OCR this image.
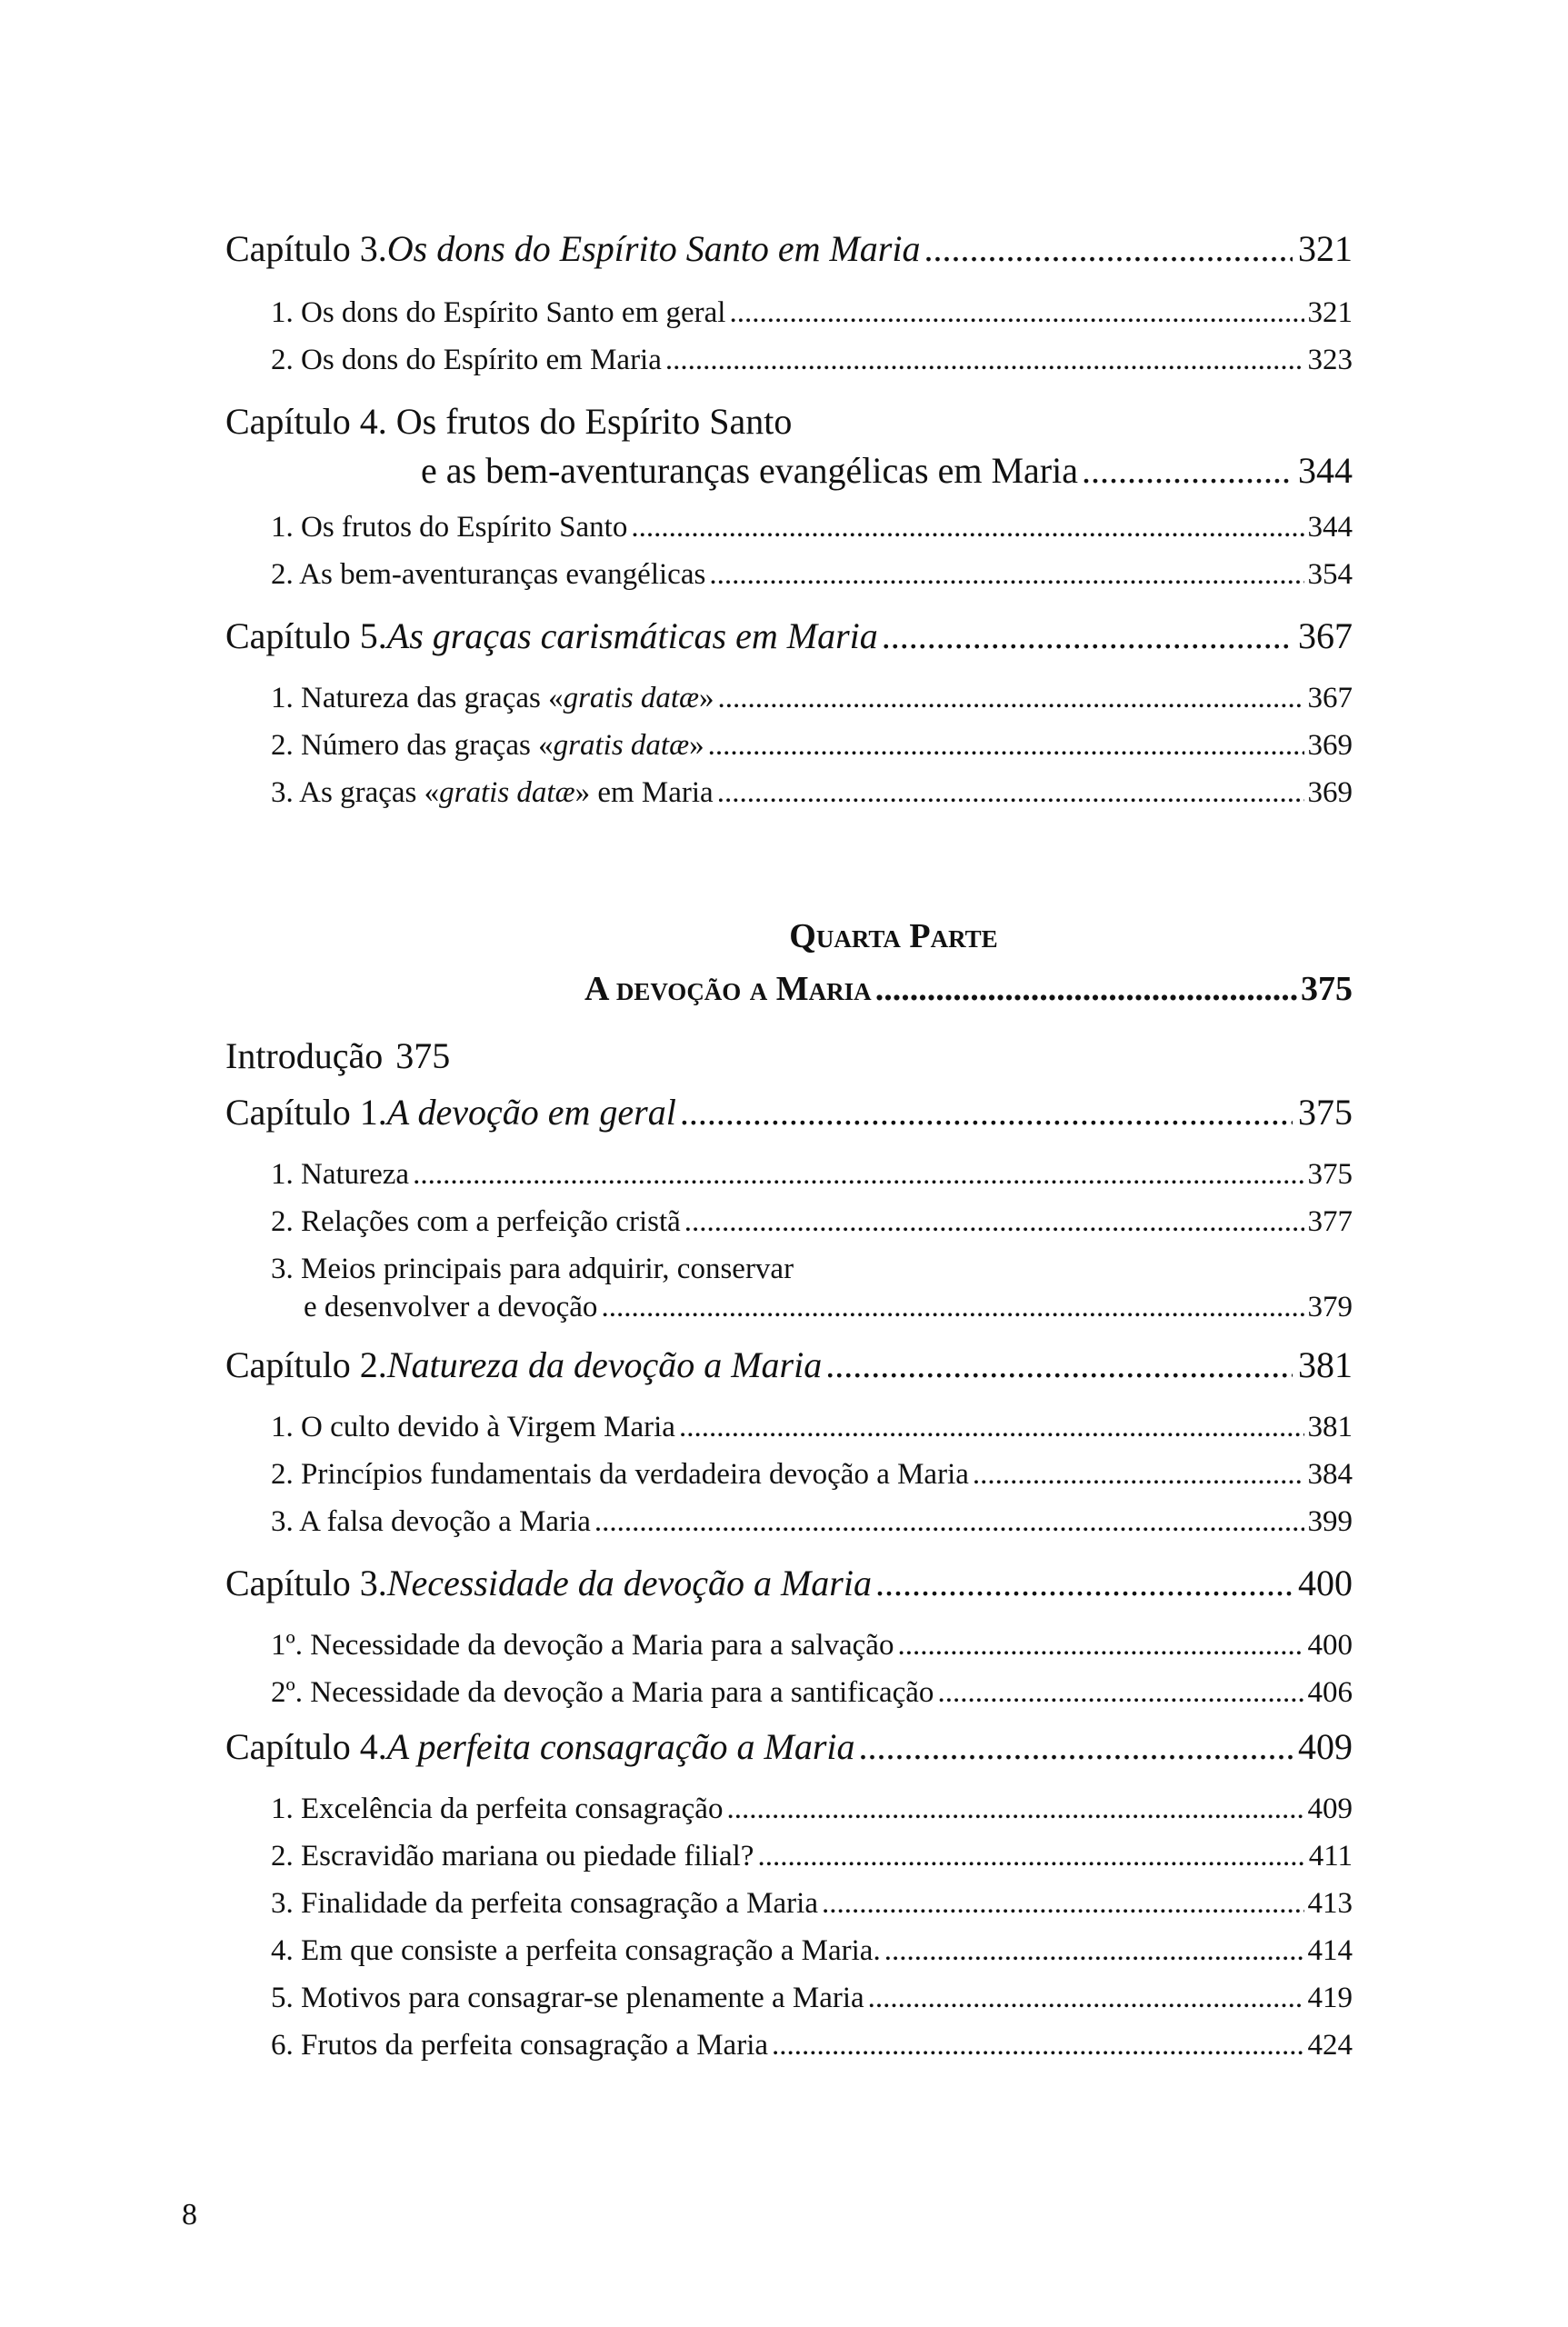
Capítulo 3. Os dons do Espírito Santo em Maria .....	321
1. Os dons do Espírito Santo em geral .....	321
2. Os dons do Espírito em Maria .....	323
Capítulo 4. Os frutos do Espírito Santo
e as bem-aventuranças evangélicas em Maria .....	344
1. Os frutos do Espírito Santo .....	344
2. As bem-aventuranças evangélicas .....	354
Capítulo 5. As graças carismáticas em Maria .....	367
1. Natureza das graças « gratis datæ » .....	367
2. Número das graças « gratis datæ » .....	369
3. As graças « gratis datæ » em Maria .....	369
Quarta Parte
A devoção a Maria .....	375
Introdução 375
Capítulo 1. A devoção em geral .....	375
1. Natureza .....	375
2. Relações com a perfeição cristã .....	377
3. Meios principais para adquirir, conservar
e desenvolver a devoção .....	379
Capítulo 2. Natureza da devoção a Maria .....	381
1. O culto devido à Virgem Maria .....	381
2. Princípios fundamentais da verdadeira devoção a Maria .....	384
3. A falsa devoção a Maria .....	399
Capítulo 3. Necessidade da devoção a Maria .....	400
1º. Necessidade da devoção a Maria para a salvação .....	400
2º. Necessidade da devoção a Maria para a santificação .....	406
Capítulo 4. A perfeita consagração a Maria .....	409
1. Excelência da perfeita consagração .....	409
2. Escravidão mariana ou piedade filial? .....	411
3. Finalidade da perfeita consagração a Maria .....	413
4. Em que consiste a perfeita consagração a Maria. .....	414
5. Motivos para consagrar-se plenamente a Maria .....	419
6. Frutos da perfeita consagração a Maria .....	424
8
